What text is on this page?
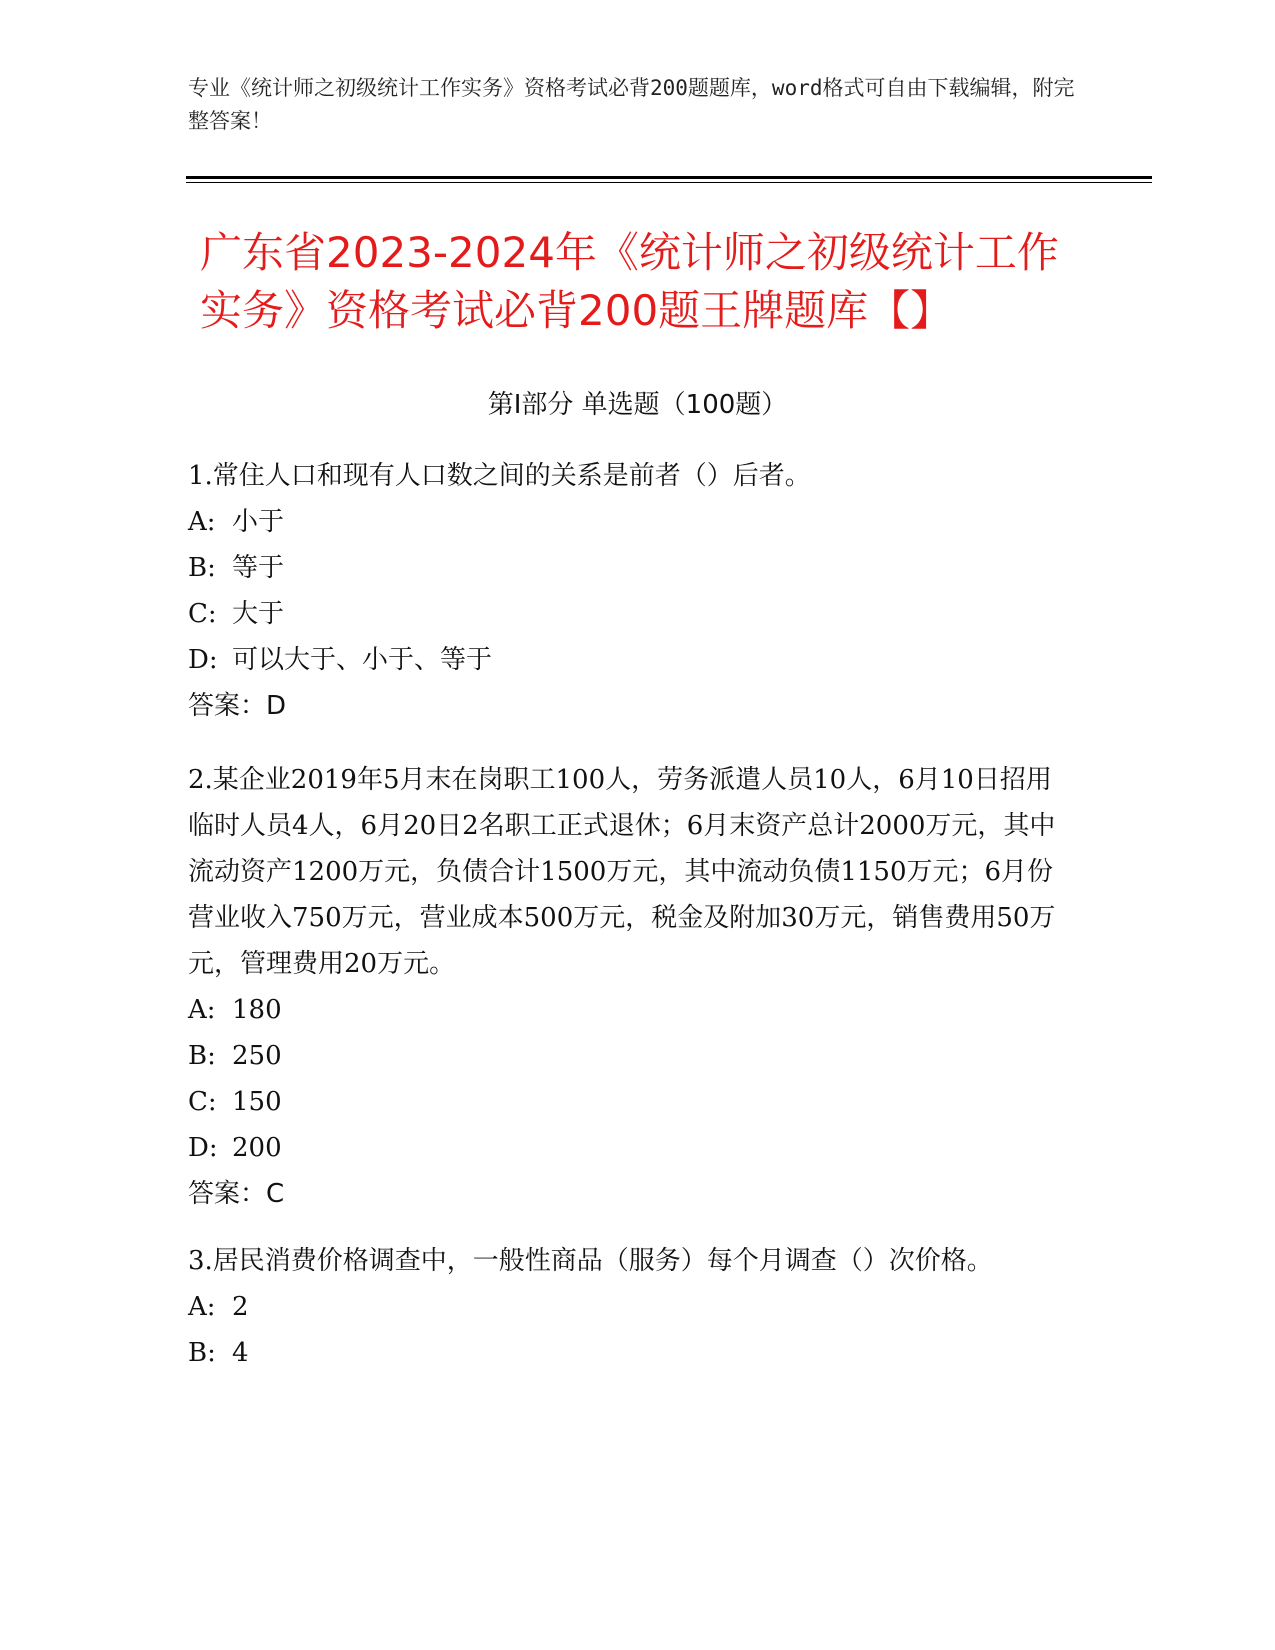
专业《统计师之初级统计工作实务》资格考试必背200题题库，word格式可自由下载编辑，附完整答案！
广东省2023-2024年《统计师之初级统计工作实务》资格考试必背200题王牌题库【】
第I部分 单选题（100题）

1.常住人口和现有人口数之间的关系是前者（）后者。

A: 小于
B: 等于
C: 大于
D: 可以大于、小于、等于
答案：D

2.某企业2019年5月末在岗职工100人，劳务派遣人员10人，6月10日招用临时人员4人，6月20日2名职工正式退休；6月末资产总计2000万元，其中流动资产1200万元，负债合计1500万元，其中流动负债1150万元；6月份营业收入750万元，营业成本500万元，税金及附加30万元，销售费用50万元，管理费用20万元。

A: 180
B: 250
C: 150
D: 200
答案：C

3.居民消费价格调查中，一般性商品（服务）每个月调查（）次价格。

A: 2
B: 4
